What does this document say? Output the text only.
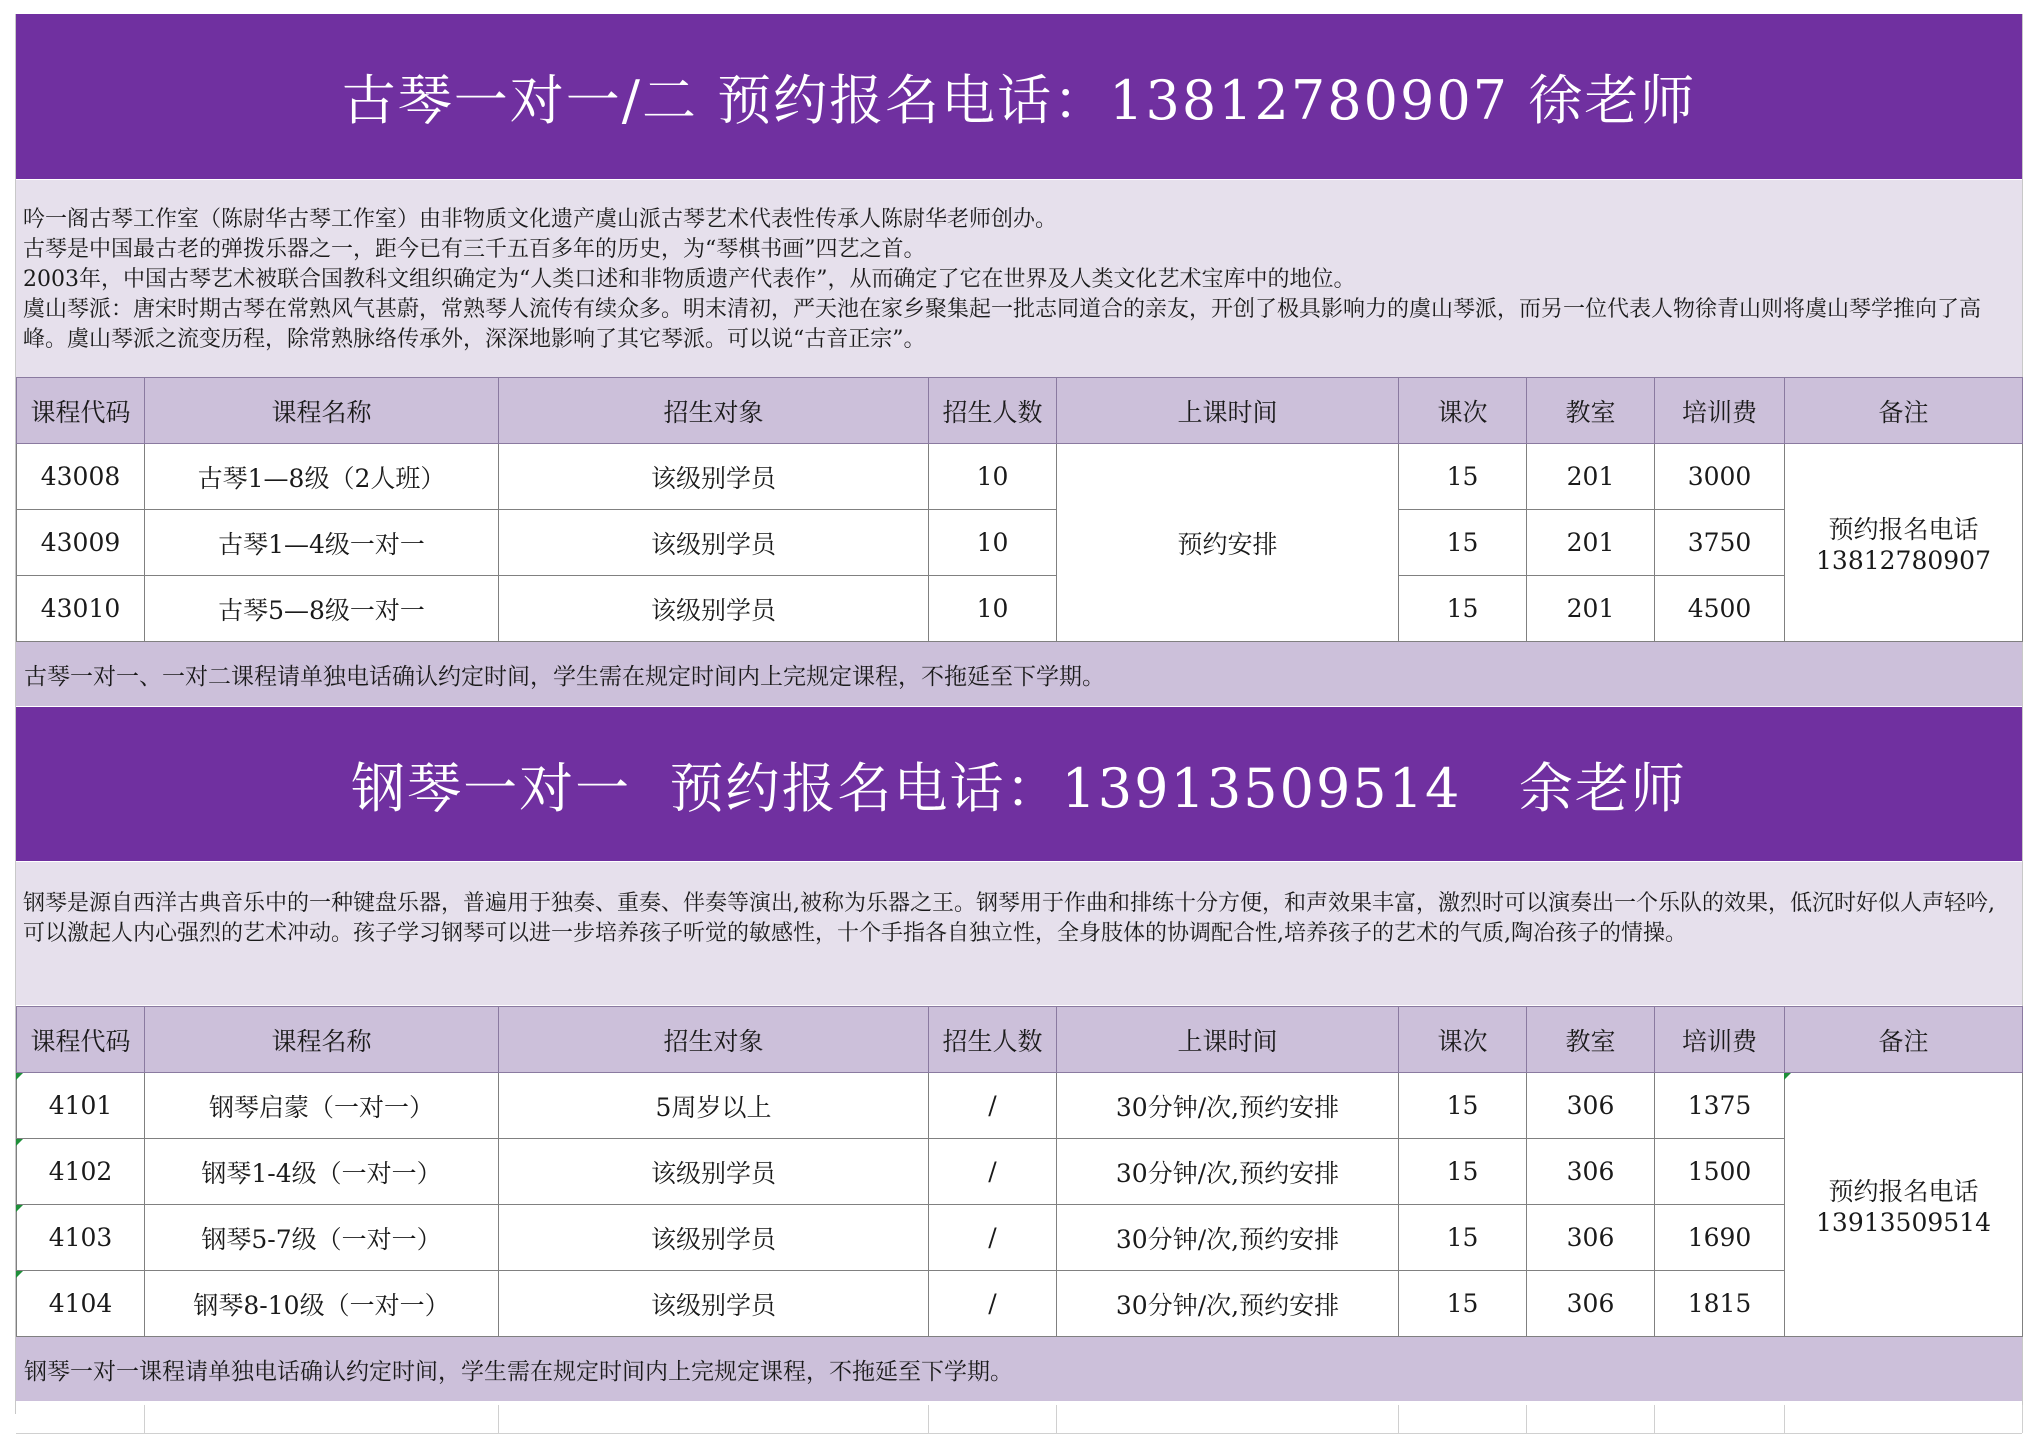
古琴一对一/二 预约报名电话：13812780907 徐老师

吟一阁古琴工作室（陈尉华古琴工作室）由非物质文化遗产虞山派古琴艺术代表性传承人陈尉华老师创办。

古琴是中国最古老的弹拨乐器之一，距今已有三千五百多年的历史，为“琴棋书画”四艺之首。

2003年，中国古琴艺术被联合国教科文组织确定为“人类口述和非物质遗产代表作”，从而确定了它在世界及人类文化艺术宝库中的地位。

虞山琴派：唐宋时期古琴在常熟风气甚蔚，常熟琴人流传有续众多。明末清初，严天池在家乡聚集起一批志同道合的亲友，开创了极具影响力的虞山琴派，而另一位代表人物徐青山则将虞山琴学推向了高峰。虞山琴派之流变历程，除常熟脉络传承外，深深地影响了其它琴派。可以说“古音正宗”。

课程代码	课程名称	招生对象	招生人数	上课时间	课次	教室	培训费	备注
43008	古琴1—8级（2人班）	该级别学员	10	预约安排	15	201	3000	预约报名电话
13812780907

43009	古琴1—4级一对一	该级别学员	10		15	201	3750	
43010	古琴5—8级一对一	该级别学员	10		15	201	4500	
古琴一对一、一对二课程请单独电话确认约定时间，学生需在规定时间内上完规定课程，不拖延至下学期。
钢琴一对一  预约报名电话：13913509514   余老师

钢琴是源自西洋古典音乐中的一种键盘乐器，普遍用于独奏、重奏、伴奏等演出,被称为乐器之王。钢琴用于作曲和排练十分方便，和声效果丰富，激烈时可以演奏出一个乐队的效果，低沉时好似人声轻吟,可以激起人内心强烈的艺术冲动。孩子学习钢琴可以进一步培养孩子听觉的敏感性，十个手指各自独立性，全身肢体的协调配合性,培养孩子的艺术的气质,陶冶孩子的情操。

课程代码	课程名称	招生对象	招生人数	上课时间	课次	教室	培训费	备注
4101	钢琴启蒙（一对一）	5周岁以上	/	30分钟/次,预约安排	15	306	1375	预约报名电话
13913509514

4102	钢琴1-4级（一对一）	该级别学员	/	30分钟/次,预约安排	15	306	1500	
4103	钢琴5-7级（一对一）	该级别学员	/	30分钟/次,预约安排	15	306	1690	
4104	钢琴8-10级（一对一）	该级别学员	/	30分钟/次,预约安排	15	306	1815	
钢琴一对一课程请单独电话确认约定时间，学生需在规定时间内上完规定课程，不拖延至下学期。
